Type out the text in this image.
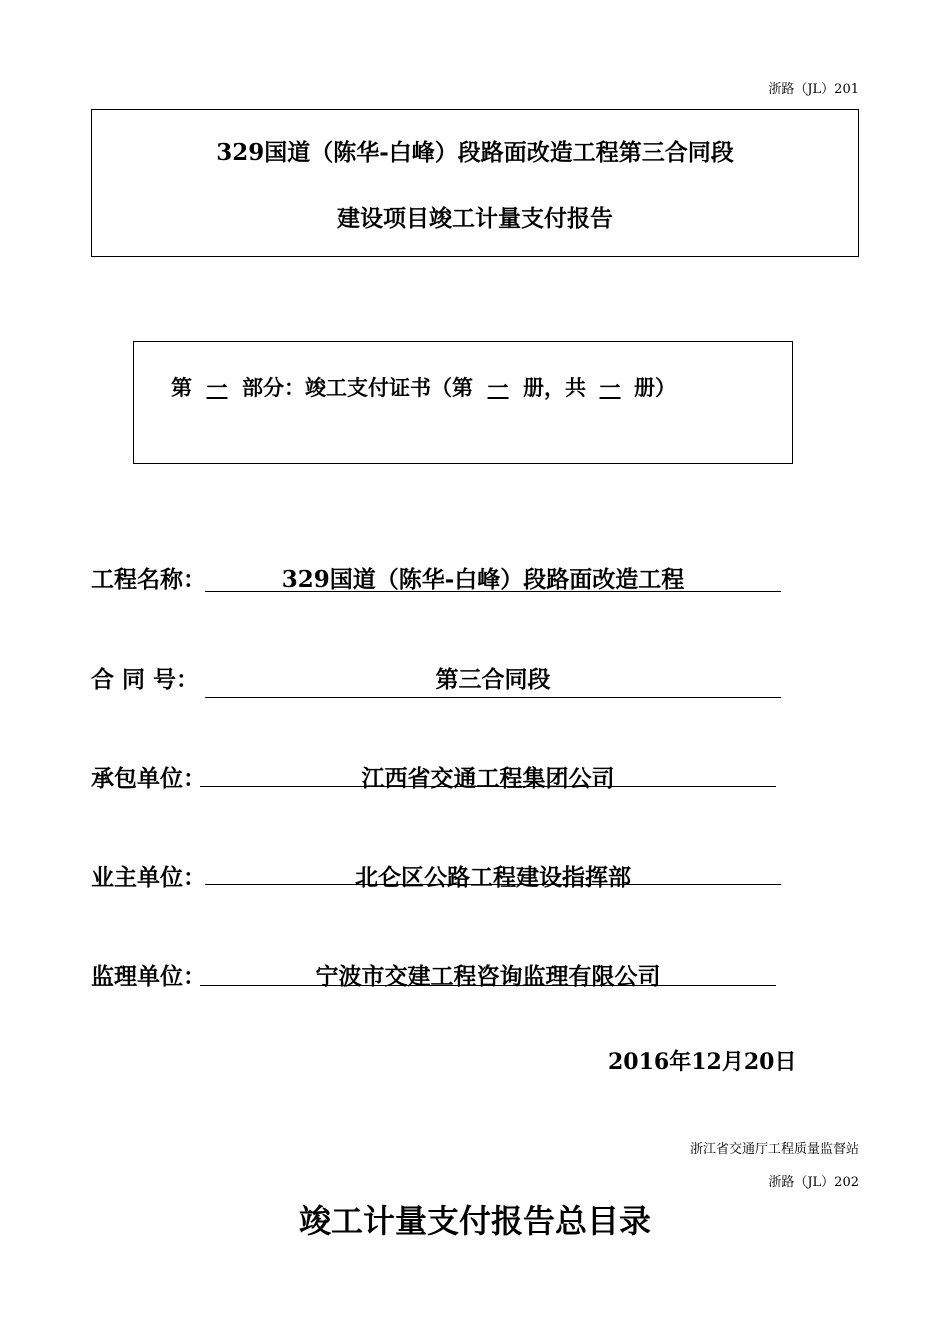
浙路（JL）201
329国道（陈华-白峰）段路面改造工程第三合同段
建设项目竣工计量支付报告
第 一 部分：竣工支付证书（第 一 册，共 一 册）
工程名称：	329国道（陈华-白峰）段路面改造工程
合 同 号：	第三合同段
承包单位：	江西省交通工程集团公司
业主单位：	北仑区公路工程建设指挥部
监理单位：	宁波市交建工程咨询监理有限公司
2016年12月20日
浙江省交通厅工程质量监督站
浙路（JL）202
竣工计量支付报告总目录
